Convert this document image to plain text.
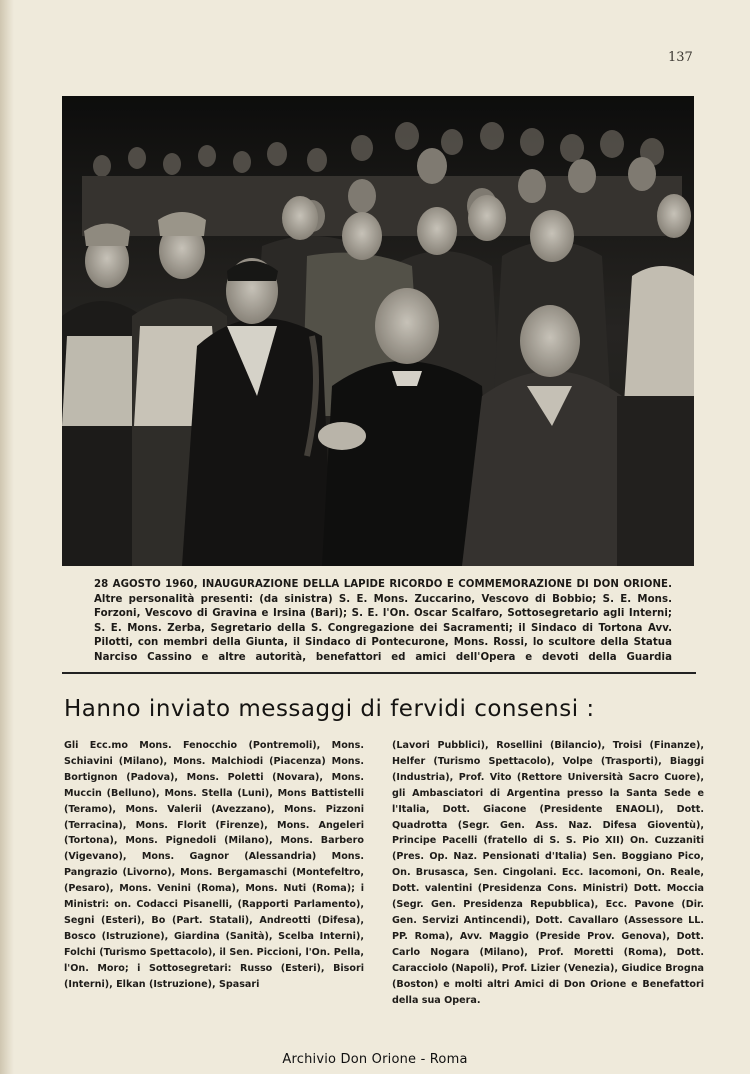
137
28 AGOSTO 1960, INAUGURAZIONE DELLA LAPIDE RICORDO E COMMEMORAZIONE DI DON ORIONE. Altre personalità presenti: (da sinistra) S. E. Mons. Zuccarino, Vescovo di Bobbio; S. E. Mons. Forzoni, Vescovo di Gravina e Irsina (Bari); S. E. l'On. Oscar Scalfaro, Sottosegretario agli Interni; S. E. Mons. Zerba, Segretario della S. Congregazione dei Sacramenti; il Sindaco di Tortona Avv. Pilotti, con membri della Giunta, il Sindaco di Pontecurone, Mons. Rossi, lo scultore della Statua Narciso Cassino e altre autorità, benefattori ed amici dell'Opera e devoti della Guardia
Hanno inviato messaggi di fervidi consensi :
Gli Ecc.mo Mons. Fenocchio (Pontremoli), Mons. Schiavini (Milano), Mons. Malchiodi (Piacenza) Mons. Bortignon (Padova), Mons. Poletti (Novara), Mons. Muccin (Belluno), Mons. Stella (Luni), Mons Battistelli (Teramo), Mons. Valerii (Avezzano), Mons. Pizzoni (Terracina), Mons. Florit (Firenze), Mons. Angeleri (Tortona), Mons. Pignedoli (Milano), Mons. Barbero (Vigevano), Mons. Gagnor (Alessandria) Mons. Pangrazio (Livorno), Mons. Bergamaschi (Montefeltro, (Pesaro), Mons. Venini (Roma), Mons. Nuti (Roma); i Ministri: on. Codacci Pisanelli, (Rapporti Parlamento), Segni (Esteri), Bo (Part. Statali), Andreotti (Difesa), Bosco (Istruzione), Giardina (Sanità), Scelba Interni), Folchi (Turismo Spettacolo), il Sen. Piccioni, l'On. Pella, l'On. Moro; i Sottosegretari: Russo (Esteri), Bisori (Interni), Elkan (Istruzione), Spasari
(Lavori Pubblici), Rosellini (Bilancio), Troisi (Finanze), Helfer (Turismo Spettacolo), Volpe (Trasporti), Biaggi (Industria), Prof. Vito (Rettore Università Sacro Cuore), gli Ambasciatori di Argentina presso la Santa Sede e l'Italia, Dott. Giacone (Presidente ENAOLI), Dott. Quadrotta (Segr. Gen. Ass. Naz. Difesa Gioventù), Principe Pacelli (fratello di S. S. Pio XII) On. Cuzzaniti (Pres. Op. Naz. Pensionati d'Italia) Sen. Boggiano Pico, On. Brusasca, Sen. Cingolani. Ecc. Iacomoni, On. Reale, Dott. valentini (Presidenza Cons. Ministri) Dott. Moccia (Segr. Gen. Presidenza Repubblica), Ecc. Pavone (Dir. Gen. Servizi Antincendi), Dott. Cavallaro (Assessore LL. PP. Roma), Avv. Maggio (Preside Prov. Genova), Dott. Carlo Nogara (Milano), Prof. Moretti (Roma), Dott. Caracciolo (Napoli), Prof. Lizier (Venezia), Giudice Brogna (Boston) e molti altri Amici di Don Orione e Benefattori della sua Opera.
Archivio Don Orione - Roma
